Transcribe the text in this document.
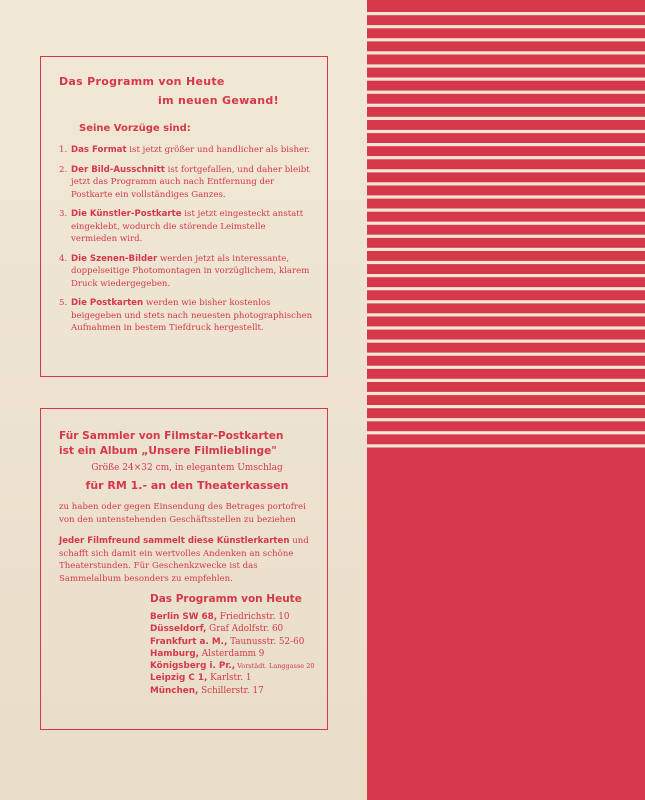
Das Programm von Heute
im neuen Gewand!
Seine Vorzüge sind:
1. Das Format ist jetzt größer und handlicher als bisher.
2. Der Bild-Ausschnitt ist fortgefallen, und daher bleibt jetzt das Programm auch nach Entfernung der Postkarte ein vollständiges Ganzes.
3. Die Künstler-Postkarte ist jetzt eingesteckt anstatt eingeklebt, wodurch die störende Leimstelle vermieden wird.
4. Die Szenen-Bilder werden jetzt als interessante, doppelseitige Photomontagen in vorzüglichem, klarem Druck wiedergegeben.
5. Die Postkarten werden wie bisher kostenlos beigegeben und stets nach neuesten photographischen Aufnahmen in bestem Tiefdruck hergestellt.
Für Sammler von Filmstar-Postkarten
ist ein Album „Unsere Filmlieblinge"
Größe 24×32 cm, in elegantem Umschlag
für RM 1.- an den Theaterkassen
zu haben oder gegen Einsendung des Betrages portofrei von den untenstehenden Geschäftsstellen zu beziehen
Jeder Filmfreund sammelt diese Künstlerkarten und schafft sich damit ein wertvolles Andenken an schöne Theaterstunden. Für Geschenkzwecke ist das Sammelalbum besonders zu empfehlen.
Das Programm von Heute
Berlin SW 68, Friedrichstr. 10
Düsseldorf, Graf Adolfstr. 60
Frankfurt a. M., Taunusstr. 52-60
Hamburg, Alsterdamm 9
Königsberg i. Pr., Vorstädt. Langgasse 20
Leipzig C 1, Karlstr. 1
München, Schillerstr. 17
